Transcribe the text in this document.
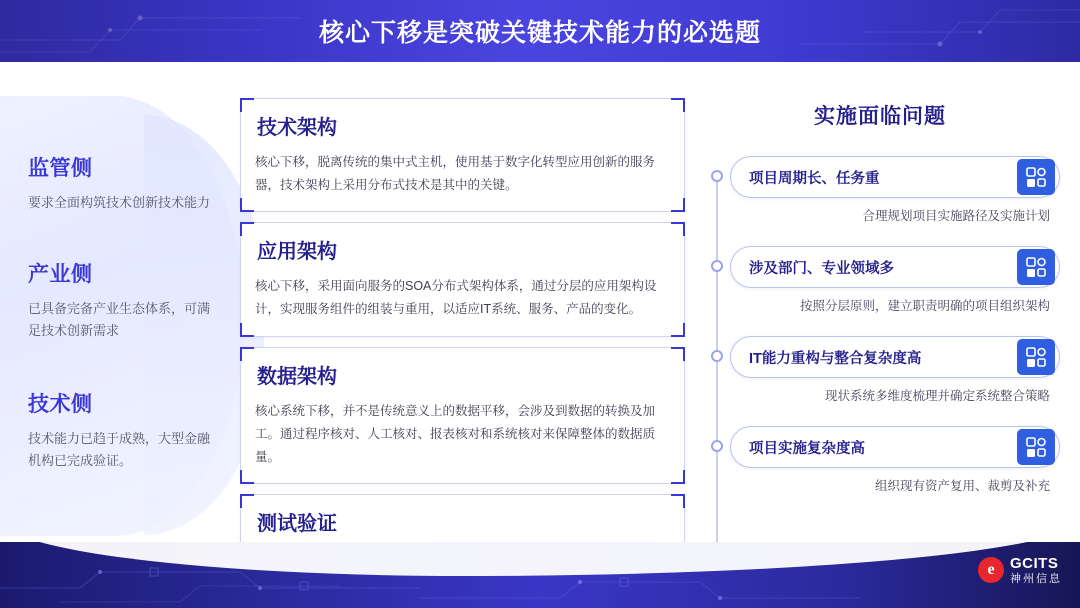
核心下移是突破关键技术能力的必选题
监管侧
要求全面构筑技术创新技术能力
产业侧
已具备完备产业生态体系，可满足技术创新需求
技术侧
技术能力已趋于成熟，大型金融机构已完成验证。
技术架构
核心下移，脱离传统的集中式主机，使用基于数字化转型应用创新的服务器，技术架构上采用分布式技术是其中的关键。
应用架构
核心下移，采用面向服务的SOA分布式架构体系，通过分层的应用架构设计，实现服务组件的组装与重用，以适应IT系统、服务、产品的变化。
数据架构
核心系统下移，并不是传统意义上的数据平移，会涉及到数据的转换及加工。通过程序核对、人工核对、报表核对和系统核对来保障整体的数据质量。
测试验证
实施面临问题
项目周期长、任务重
合理规划项目实施路径及实施计划
涉及部门、专业领域多
按照分层原则，建立职责明确的项目组织架构
IT能力重构与整合复杂度高
现状系统多维度梳理并确定系统整合策略
项目实施复杂度高
组织现有资产复用、裁剪及补充
e	GCITS
神州信息
